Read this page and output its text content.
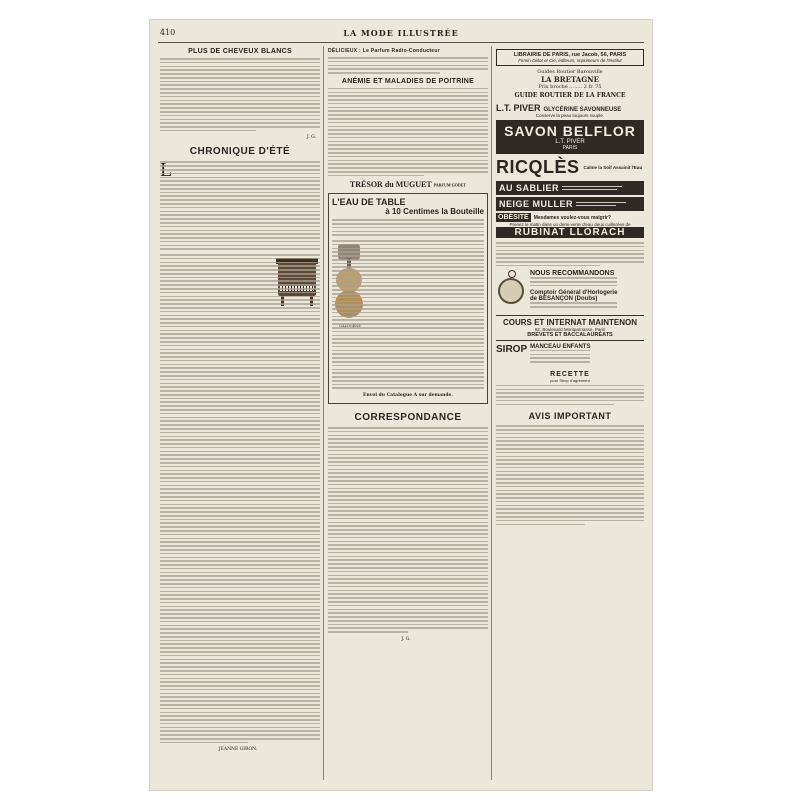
410	LA MODE ILLUSTRÉE
PLUS DE CHEVEUX BLANCS
J. G.
CHRONIQUE D'ÉTÉ
JEANNE GIRON.
DÉLICIEUX : Le Parfum Radio-Conducteur
ANÉMIE ET MALADIES DE POITRINE
TRÉSOR du MUGUET PARFUM GODET
L'EAU DE TABLE
à 10 Centimes la Bouteille
Envoi du Catalogue A sur demande.
CORRESPONDANCE
J. G.
LIBRAIRIE DE PARIS, rue Jacob, 56, PARIS
Firmin-Didot et Cie, éditeurs, imprimeurs de l'Institut
Guides Routier Baronville
LA BRETAGNE
Prix broché ........ 2 fr. 75
GUIDE ROUTIER DE LA FRANCE
L.T. PIVER GLYCÉRINE SAVONNEUSE
Conserve la peau toujours souple.
SAVON BELFLOR
L.T. PIVER
PARIS
RICQLÈS Calme la Soif Assainit l'Eau
AU SABLIER
NEIGE MULLER
OBÉSITÉ	Mesdames voulez-vous maigrir?
Prenez le matin dans un demi-verre d'eau deux cuillerées de
RUBINAT LLORACH
NOUS RECOMMANDONS
Comptoir Général d'Horlogerie
de BESANÇON (Doubs)
COURS ET INTERNAT MAINTENON
82, Boulevard Montparnasse, Paris
BREVETS ET BACCALAURÉATS
SIROP MANCEAU ENFANTS
RECETTE
pour Sirop d'agrément
AVIS IMPORTANT
